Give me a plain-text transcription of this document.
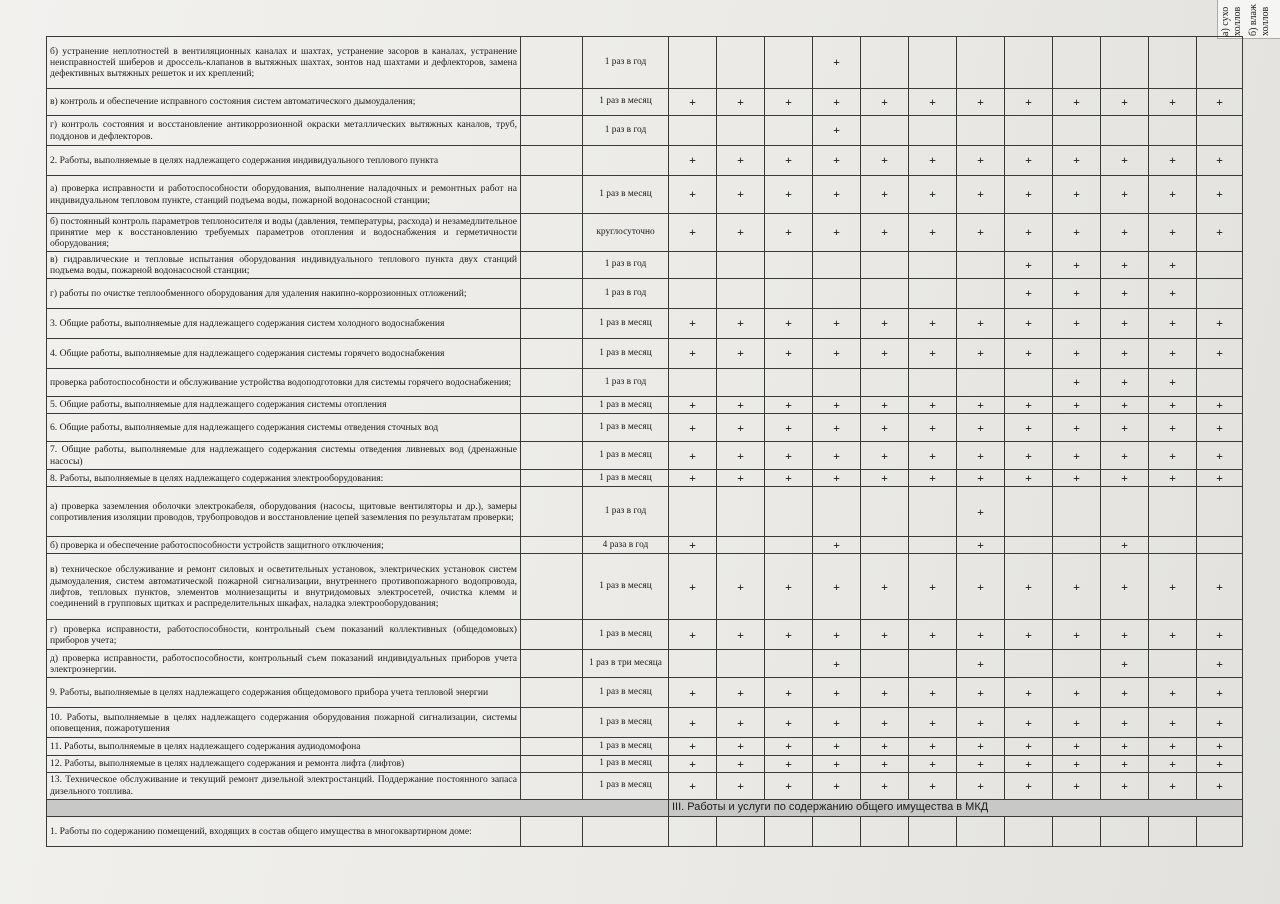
а) сухо холлов б) влаж холлов
б) устранение неплотностей в вентиляционных каналах и шахтах, устранение засоров в каналах, устранение неисправностей шиберов и дроссель-клапанов в вытяжных шахтах, зонтов над шахтами и дефлекторов, замена дефективных вытяжных решеток и их креплений;		1 раз в год				+								
в) контроль и обеспечение исправного состояния систем автоматического дымоудаления;		1 раз в месяц	+	+	+	+	+	+	+	+	+	+	+	+
г) контроль состояния и восстановление антикоррозионной окраски металлических вытяжных каналов, труб, поддонов и дефлекторов.		1 раз в год				+								
2. Работы, выполняемые в целях надлежащего содержания индивидуального теплового пункта			+	+	+	+	+	+	+	+	+	+	+	+
а) проверка исправности и работоспособности оборудования, выполнение наладочных и ремонтных работ на индивидуальном тепловом пункте, станций подъема воды, пожарной водонасосной станции;		1 раз в месяц	+	+	+	+	+	+	+	+	+	+	+	+
б) постоянный контроль параметров теплоносителя и воды (давления, температуры, расхода) и незамедлительное принятие мер к восстановлению требуемых параметров отопления и водоснабжения и герметичности оборудования;		круглосуточно	+	+	+	+	+	+	+	+	+	+	+	+
в) гидравлические и тепловые испытания оборудования индивидуального теплового пункта двух станций подъема воды, пожарной водонасосной станции;		1 раз в год								+	+	+	+	
г) работы по очистке теплообменного оборудования для удаления накипно-коррозионных отложений;		1 раз в год								+	+	+	+	
3. Общие работы, выполняемые для надлежащего содержания систем холодного водоснабжения		1 раз в месяц	+	+	+	+	+	+	+	+	+	+	+	+
4. Общие работы, выполняемые для надлежащего содержания системы горячего водоснабжения		1 раз в месяц	+	+	+	+	+	+	+	+	+	+	+	+
проверка работоспособности и обслуживание устройства водоподготовки для системы горячего водоснабжения;		1 раз в год									+	+	+	
5. Общие работы, выполняемые для надлежащего содержания системы отопления		1 раз в месяц	+	+	+	+	+	+	+	+	+	+	+	+
6. Общие работы, выполняемые для надлежащего содержания системы отведения сточных вод		1 раз в месяц	+	+	+	+	+	+	+	+	+	+	+	+
7. Общие работы, выполняемые для надлежащего содержания системы отведения ливневых вод (дренажные насосы)		1 раз в месяц	+	+	+	+	+	+	+	+	+	+	+	+
8. Работы, выполняемые в целях надлежащего содержания электрооборудования:		1 раз в месяц	+	+	+	+	+	+	+	+	+	+	+	+
а) проверка заземления оболочки электрокабеля, оборудования (насосы, щитовые вентиляторы и др.), замеры сопротивления изоляции проводов, трубопроводов и восстановление цепей заземления по результатам проверки;		1 раз в год							+					
б) проверка и обеспечение работоспособности устройств защитного отключения;		4 раза в год	+			+			+			+		
в) техническое обслуживание и ремонт силовых и осветительных установок, электрических установок систем дымоудаления, систем автоматической пожарной сигнализации, внутреннего противопожарного водопровода, лифтов, тепловых пунктов, элементов молниезащиты и внутридомовых электросетей, очистка клемм и соединений в групповых щитках и распределительных шкафах, наладка электрооборудования;		1 раз в месяц	+	+	+	+	+	+	+	+	+	+	+	+
г) проверка исправности, работоспособности, контрольный съем показаний коллективных (общедомовых) приборов учета;		1 раз в месяц	+	+	+	+	+	+	+	+	+	+	+	+
д) проверка исправности, работоспособности, контрольный съем показаний индивидуальных приборов учета электроэнергии.		1 раз в три месяца				+			+			+		+
9. Работы, выполняемые в целях надлежащего содержания общедомового прибора учета тепловой энергии		1 раз в месяц	+	+	+	+	+	+	+	+	+	+	+	+
10. Работы, выполняемые в целях надлежащего содержания оборудования пожарной сигнализации, системы оповещения, пожаротушения		1 раз в месяц	+	+	+	+	+	+	+	+	+	+	+	+
11. Работы, выполняемые в целях надлежащего содержания аудиодомофона		1 раз в месяц	+	+	+	+	+	+	+	+	+	+	+	+
12. Работы, выполняемые в целях надлежащего содержания и ремонта лифта (лифтов)		1 раз в месяц	+	+	+	+	+	+	+	+	+	+	+	+
13. Техническое обслуживание и текущий ремонт дизельной электростанций. Поддержание постоянного запаса дизельного топлива.		1 раз в месяц	+	+	+	+	+	+	+	+	+	+	+	+
			III. Работы и услуги по содержанию общего имущества в МКД											
1. Работы по содержанию помещений, входящих в состав общего имущества в многоквартирном доме:														
